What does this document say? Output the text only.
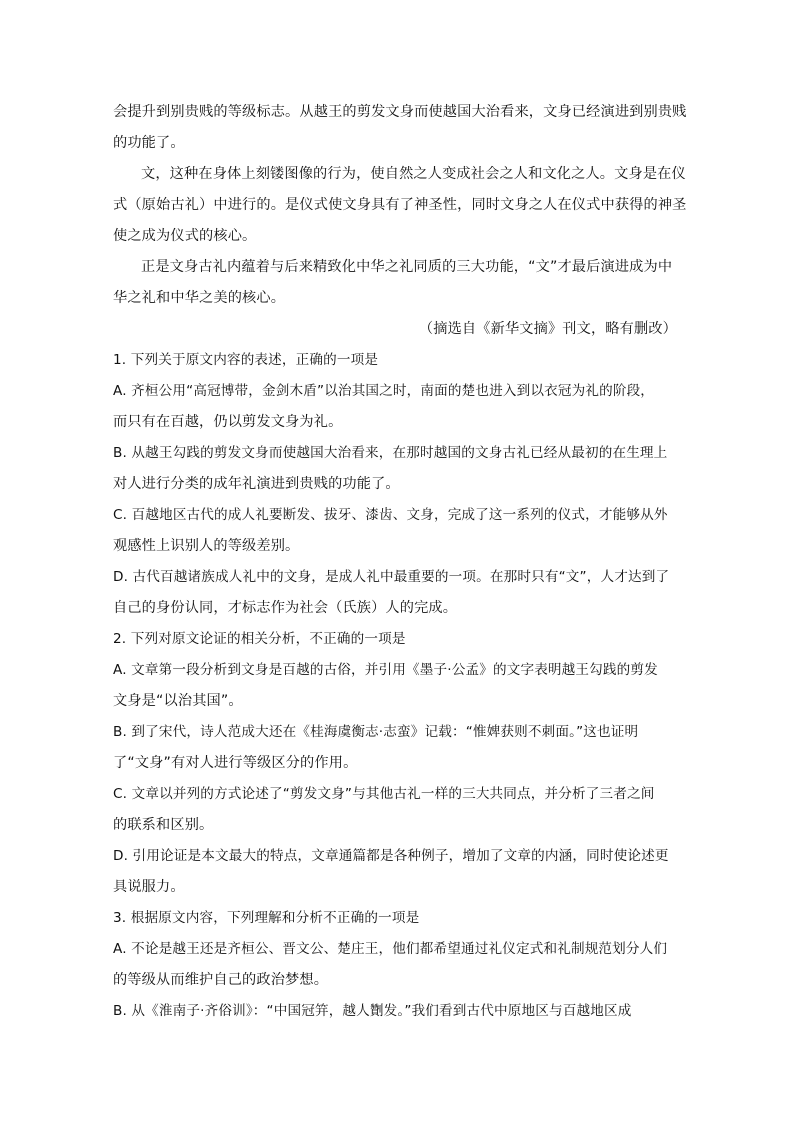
会提升到别贵贱的等级标志。从越王的剪发文身而使越国大治看来，文身已经演进到别贵贱
的功能了。
文，这种在身体上刻镂图像的行为，使自然之人变成社会之人和文化之人。文身是在仪
式（原始古礼）中进行的。是仪式使文身具有了神圣性，同时文身之人在仪式中获得的神圣
使之成为仪式的核心。
正是文身古礼内蕴着与后来精致化中华之礼同质的三大功能，“文”才最后演进成为中
华之礼和中华之美的核心。
（摘选自《新华文摘》刊文，略有删改）
1. 下列关于原文内容的表述，正确的一项是
A. 齐桓公用“高冠博带，金剑木盾”以治其国之时，南面的楚也进入到以衣冠为礼的阶段，
而只有在百越，仍以剪发文身为礼。
B. 从越王勾践的剪发文身而使越国大治看来，在那时越国的文身古礼已经从最初的在生理上
对人进行分类的成年礼演进到贵贱的功能了。
C. 百越地区古代的成人礼要断发、拔牙、漆齿、文身，完成了这一系列的仪式，才能够从外
观感性上识别人的等级差别。
D. 古代百越诸族成人礼中的文身，是成人礼中最重要的一项。在那时只有“文”，人才达到了
自己的身份认同，才标志作为社会（氏族）人的完成。
2. 下列对原文论证的相关分析，不正确的一项是
A. 文章第一段分析到文身是百越的古俗，并引用《墨子·公孟》的文字表明越王勾践的剪发
文身是“以治其国”。
B. 到了宋代，诗人范成大还在《桂海虞衡志·志蛮》记载：“惟婢获则不刺面。”这也证明
了“文身”有对人进行等级区分的作用。
C. 文章以并列的方式论述了“剪发文身”与其他古礼一样的三大共同点，并分析了三者之间
的联系和区别。
D. 引用论证是本文最大的特点，文章通篇都是各种例子，增加了文章的内涵，同时使论述更
具说服力。
3. 根据原文内容，下列理解和分析不正确的一项是
A. 不论是越王还是齐桓公、晋文公、楚庄王，他们都希望通过礼仪定式和礼制规范划分人们
的等级从而维护自己的政治梦想。
B. 从《淮南子·齐俗训》：“中国冠笄，越人劗发。”我们看到古代中原地区与百越地区成
